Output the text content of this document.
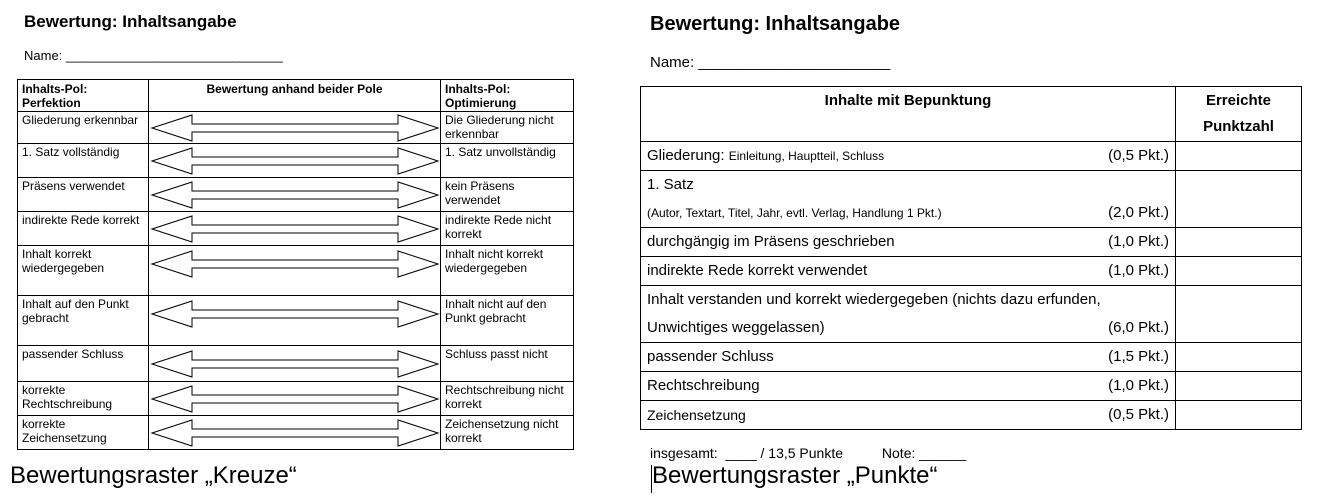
Bewertung: Inhaltsangabe
Name: ______________________________
Inhalts-Pol: Perfektion	Bewertung anhand beider Pole	Inhalts-Pol: Optimierung
Gliederung erkennbar		Die Gliederung nicht erkennbar
1. Satz vollständig		1. Satz unvollständig
Präsens verwendet		kein Präsens verwendet
indirekte Rede korrekt		indirekte Rede nicht korrekt
Inhalt korrekt wiedergegeben		Inhalt nicht korrekt wiedergegeben
Inhalt auf den Punkt gebracht		Inhalt nicht auf den Punkt gebracht
passender Schluss		Schluss passt nicht
korrekte Rechtschreibung		Rechtschreibung nicht korrekt
korrekte Zeichensetzung		Zeichensetzung nicht korrekt
Bewertungsraster „Kreuze“
Bewertung: Inhaltsangabe
Name: _______________________
Inhalte mit Bepunktung	Erreichte
Punktzahl

Gliederung: Einleitung, Hauptteil, Schluss (0,5 Pkt.)	

1. Satz
(Autor, Textart, Titel, Jahr, evtl. Verlag, Handlung 1 Pkt.) (2,0 Pkt.)	

durchgängig im Präsens geschrieben (1,0 Pkt.)	

indirekte Rede korrekt verwendet (1,0 Pkt.)	

Inhalt verstanden und korrekt wiedergegeben (nichts dazu erfunden,
Unwichtiges weggelassen) (6,0 Pkt.)	

passender Schluss (1,5 Pkt.)	

Rechtschreibung (1,0 Pkt.)	

Zeichensetzung (0,5 Pkt.)	

insgesamt:  ____ / 13,5 Punkte          Note: ______
Bewertungsraster „Punkte“
